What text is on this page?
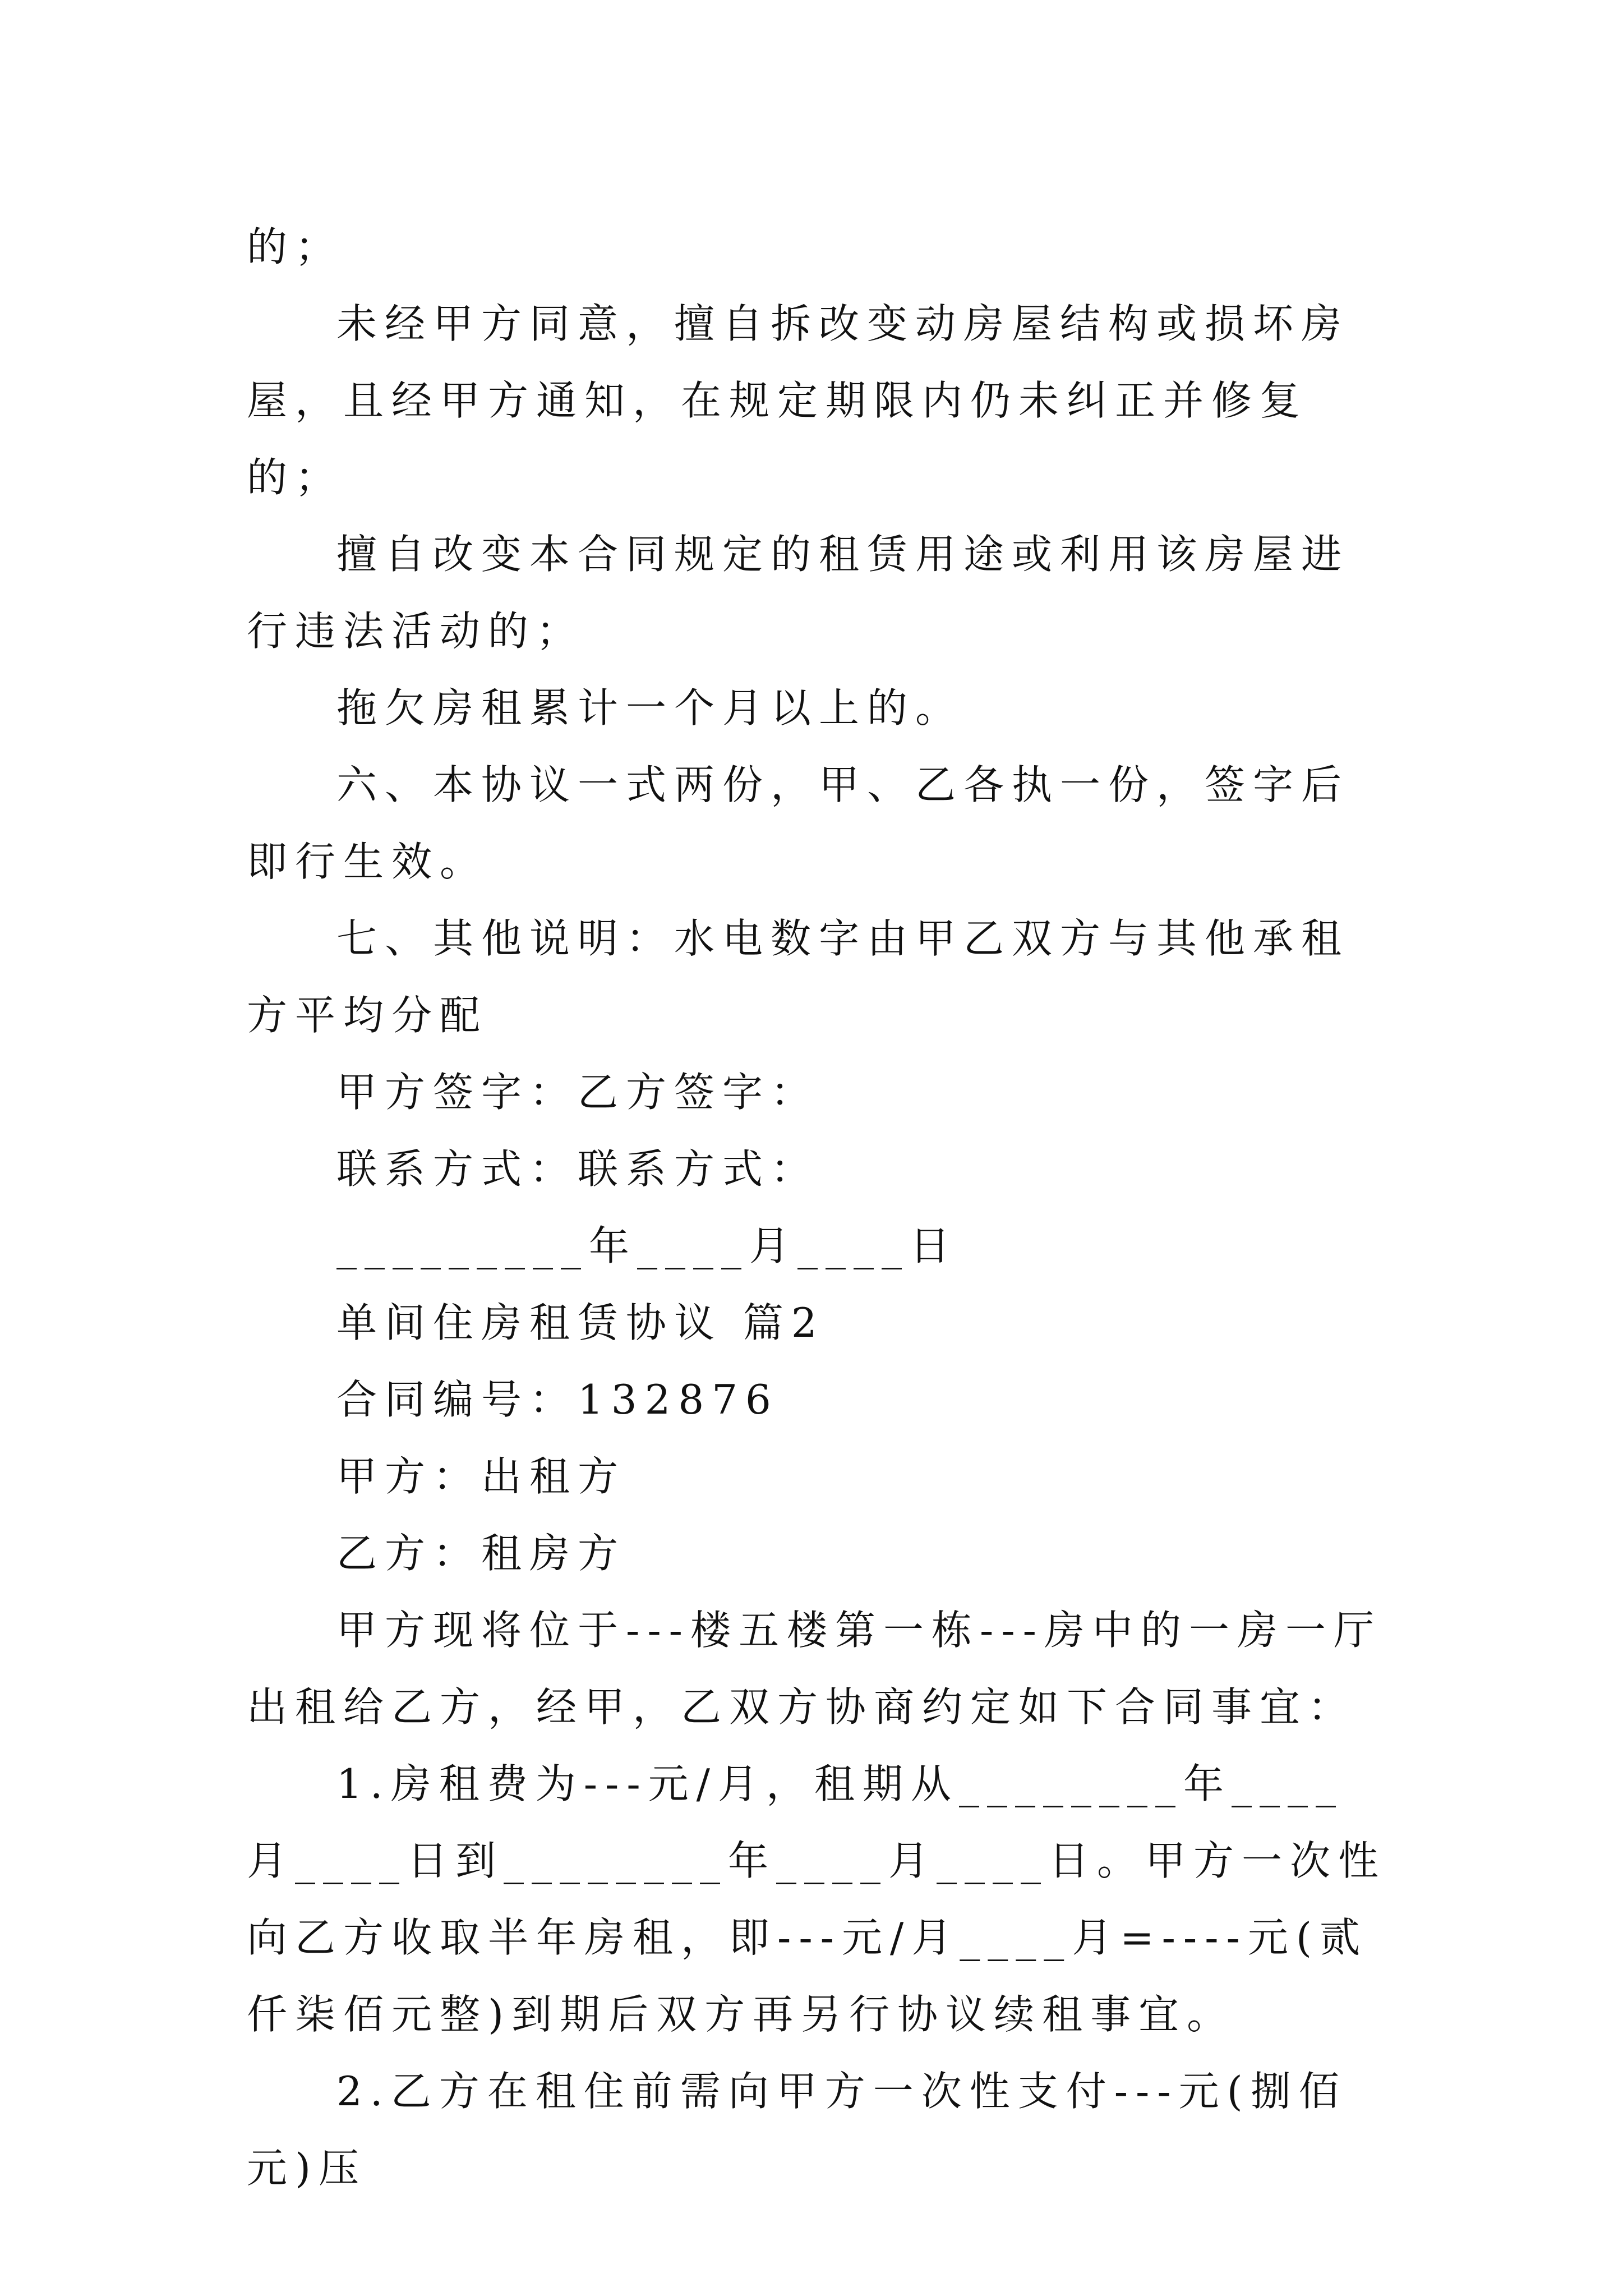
的；

未经甲方同意，擅自拆改变动房屋结构或损坏房屋，且经甲方通知，在规定期限内仍未纠正并修复的；

擅自改变本合同规定的租赁用途或利用该房屋进行违法活动的；

拖欠房租累计一个月以上的。

六、本协议一式两份，甲、乙各执一份，签字后即行生效。

七、其他说明：水电数字由甲乙双方与其他承租方平均分配

甲方签字：乙方签字：

联系方式：联系方式：

_________年____月____日

单间住房租赁协议 篇2

合同编号：132876

甲方：出租方

乙方：租房方

甲方现将位于---楼五楼第一栋---房中的一房一厅出租给乙方，经甲，乙双方协商约定如下合同事宜：

1.房租费为---元/月，租期从________年____月____日到________年____月____日。甲方一次性向乙方收取半年房租，即---元/月____月=----元(贰仟柒佰元整)到期后双方再另行协议续租事宜。

2.乙方在租住前需向甲方一次性支付---元(捌佰元)压
